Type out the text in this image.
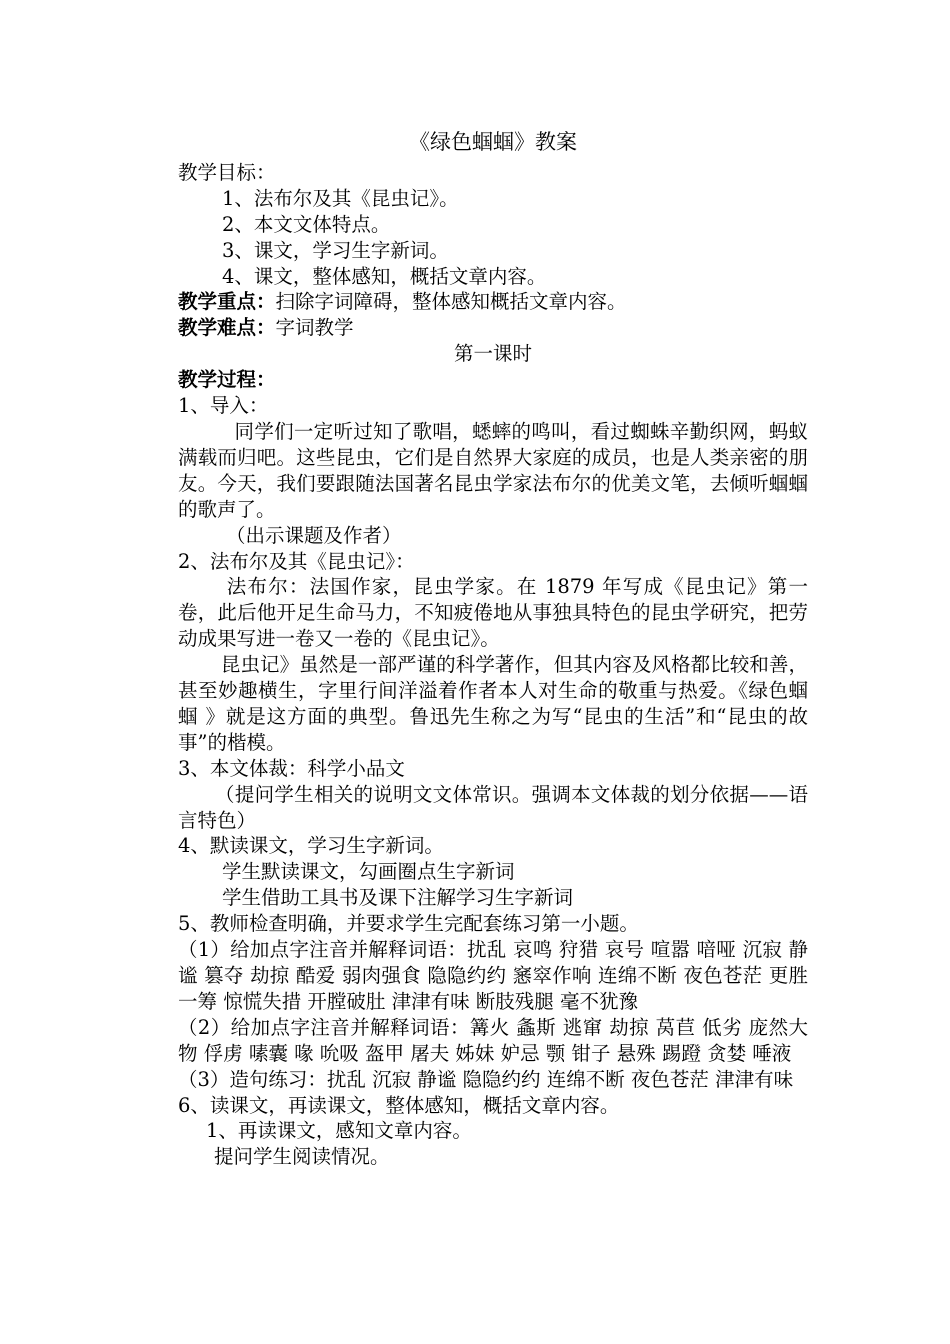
《绿色蝈蝈》教案
教学目标：
1、法布尔及其《昆虫记》。
2、本文文体特点。
3、课文，学习生字新词。
4、课文，整体感知，概括文章内容。
教学重点：扫除字词障碍，整体感知概括文章内容。
教学难点：字词教学
第一课时
教学过程：
1、导入：
同学们一定听过知了歌唱，蟋蟀的鸣叫，看过蜘蛛辛勤织网，蚂蚁满载而归吧。这些昆虫，它们是自然界大家庭的成员，也是人类亲密的朋友。今天，我们要跟随法国著名昆虫学家法布尔的优美文笔，去倾听蝈蝈的歌声了。
（出示课题及作者）
2、法布尔及其《昆虫记》：
法布尔：法国作家，昆虫学家。在 1879 年写成《昆虫记》第一卷，此后他开足生命马力，不知疲倦地从事独具特色的昆虫学研究，把劳动成果写进一卷又一卷的《昆虫记》。
昆虫记》虽然是一部严谨的科学著作，但其内容及风格都比较和善，甚至妙趣横生，字里行间洋溢着作者本人对生命的敬重与热爱。《绿色蝈蝈 》就是这方面的典型。鲁迅先生称之为写“昆虫的生活”和“昆虫的故事”的楷模。
3、本文体裁：科学小品文
（提问学生相关的说明文文体常识。强调本文体裁的划分依据——语言特色）
4、默读课文，学习生字新词。
学生默读课文，勾画圈点生字新词
学生借助工具书及课下注解学习生字新词
5、教师检查明确，并要求学生完配套练习第一小题。
（1）给加点字注音并解释词语：扰乱 哀鸣 狩猎 哀号 喧嚣 喑哑 沉寂 静谧 篡夺 劫掠 酷爱 弱肉强食 隐隐约约 窸窣作响 连绵不断 夜色苍茫 更胜一筹 惊慌失措 开膛破肚 津津有味 断肢残腿 毫不犹豫
（2）给加点字注音并解释词语：篝火 螽斯 逃窜 劫掠 莴苣 低劣 庞然大物 俘虏 嗉囊 喙 吮吸 盔甲 屠夫 姊妹 妒忌 颚 钳子 悬殊 踢蹬 贪婪 唾液
（3）造句练习：扰乱 沉寂 静谧 隐隐约约 连绵不断 夜色苍茫 津津有味
6、读课文，再读课文，整体感知，概括文章内容。
1、再读课文，感知文章内容。
提问学生阅读情况。
